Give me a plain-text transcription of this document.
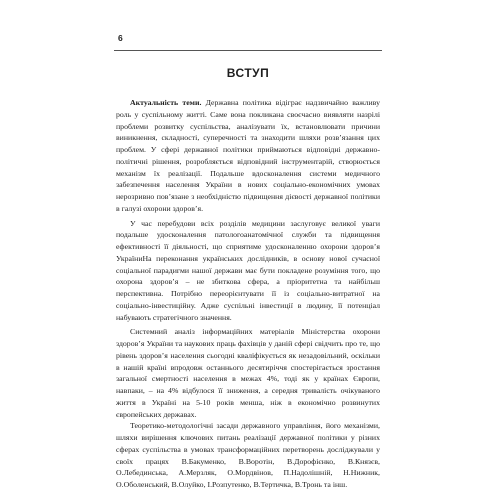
6
ВСТУП

Актуальність теми. Державна політика відіграє надзвичайно важливу роль у суспільному житті. Саме вона покликана своєчасно виявляти назрілі проблеми розвитку суспільства, аналізувати їх, встановлювати причини виникнення, складності, суперечності та знаходити шляхи розв’язання цих проблем. У сфері державної політики приймаються відповідні державно-політичні рішення, розробляється відповідний інструментарій, створюється механізм їх реалізації. Подальше вдосконалення системи медичного забезпечення населення України в нових соціально-економічних умовах нерозривно пов’язане з необхідністю підвищення дієвості державної політики в галузі охорони здоров’я.

У час перебудови всіх розділів медицини заслуговує великої уваги подальше удосконалення патологоанатомічної служби та підвищення ефективності її діяльності, що сприятиме удосконаленню охорони здоров’я УкраїниНа переконання українських дослідників, в основу нової сучасної соціальної парадигми нашої держави має бути покладене розуміння того, що охорона здоров’я – не збиткова сфера, а пріоритетна та найбільш перспективна. Потрібно переорієнтувати її із соціально-витратної на соціально-інвестиційну. Адже суспільні інвестиції в людину, її потенціал набувають стратегічного значення.

Системний аналіз інформаційних матеріалів Міністерства охорони здоров’я України та наукових праць фахівців у даній сфері свідчить про те, що рівень здоров’я населення сьогодні кваліфікується як незадовільний, оскільки в нашій країні впродовж останнього десятиріччя спостерігається зростання загальної смертності населення в межах 4%, тоді як у країнах Європи, навпаки, – на 4% відбулося її зниження, а середня тривалість очікуваного життя в Україні на 5-10 років менша, ніж в економічно розвинутих європейських державах.

Теоретико-методологічні засади державного управління, його механізми, шляхи вирішення ключових питань реалізації державної політики у різних сферах суспільства в умовах трансформаційних перетворень досліджували у своїх працях В.Бакуменко, В.Воротін, В.Дорофієнко, В.Князєв, О.Лебединська, А.Мерзляк, О.Мордвінов, П.Надолішній, Н.Нижник, О.Оболенський, В.Олуйко, І.Розпутенко, В.Тертичка, В.Тронь та інш.
